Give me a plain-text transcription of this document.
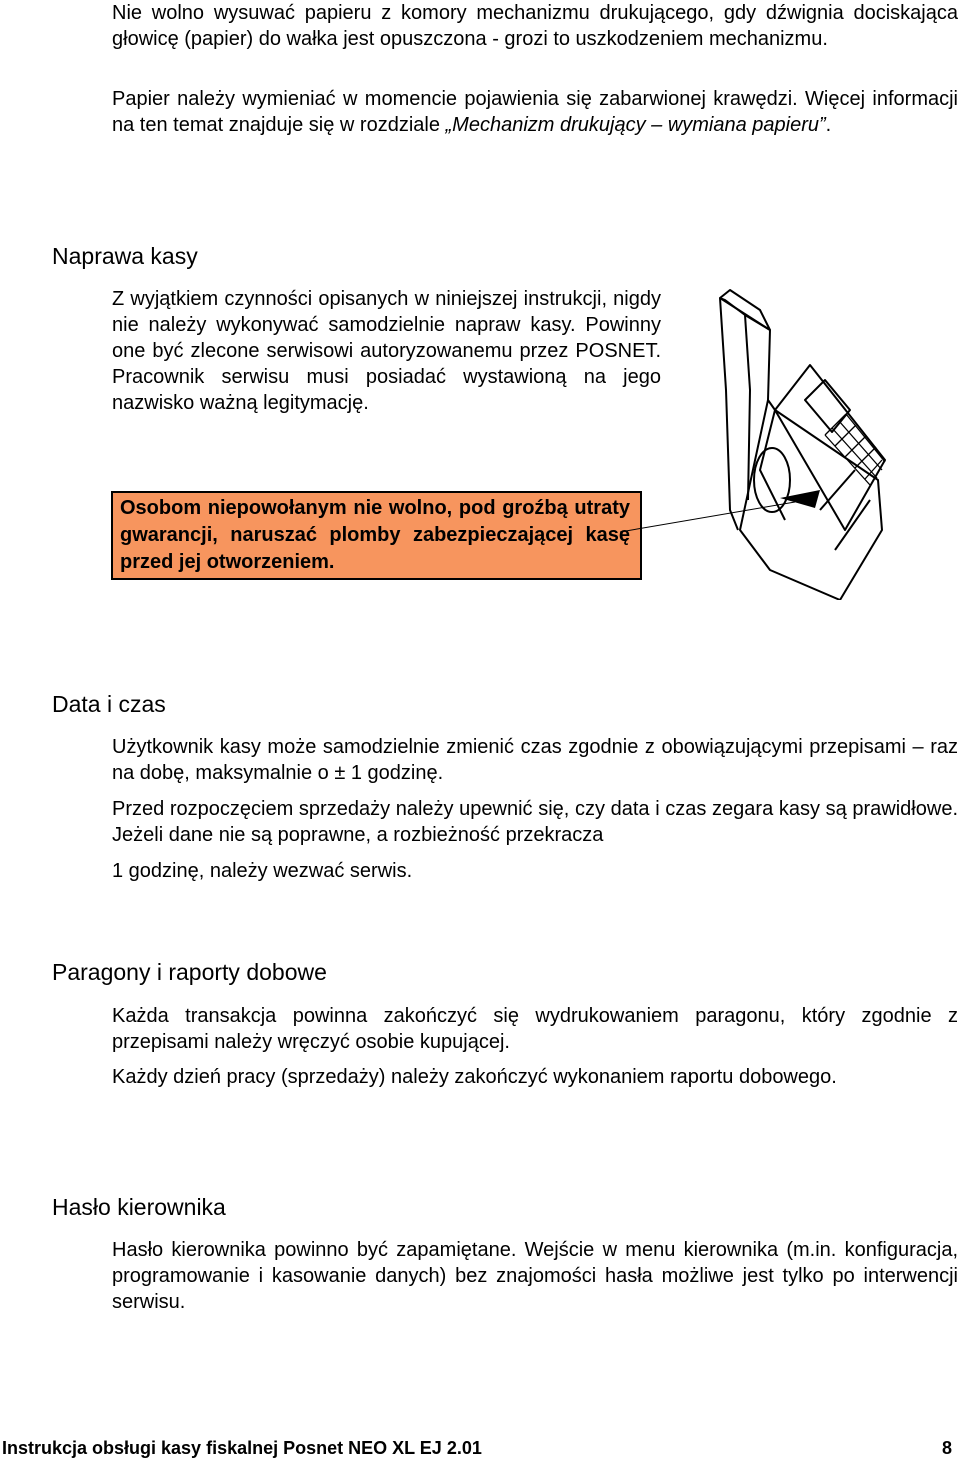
Nie wolno wysuwać papieru z komory mechanizmu drukującego, gdy dźwignia dociskająca głowicę (papier) do wałka jest opuszczona - grozi to uszkodzeniem mechanizmu.

Papier należy wymieniać w momencie pojawienia się zabarwionej krawędzi. Więcej informacji na ten temat znajduje się w rozdziale „Mechanizm drukujący – wymiana papieru”.

Naprawa kasy

Z wyjątkiem czynności opisanych w niniejszej instrukcji, nigdy nie należy wykonywać samodzielnie napraw kasy. Powinny one być zlecone serwisowi autoryzowanemu przez POSNET. Pracownik serwisu musi posiadać wystawioną na jego nazwisko ważną legitymację.

Osobom niepowołanym nie wolno, pod groźbą utraty gwarancji, naruszać plomby zabezpieczającej kasę przed jej otworzeniem.
Data i czas

Użytkownik kasy może samodzielnie zmienić czas zgodnie z obowiązującymi przepisami – raz na dobę, maksymalnie o ± 1 godzinę.

Przed rozpoczęciem sprzedaży należy upewnić się, czy data i czas zegara kasy są prawidłowe. Jeżeli dane nie są poprawne, a rozbieżność przekracza

1 godzinę, należy wezwać serwis.

Paragony i raporty dobowe

Każda transakcja powinna zakończyć się wydrukowaniem paragonu, który zgodnie z przepisami należy wręczyć osobie kupującej.

Każdy dzień pracy (sprzedaży) należy zakończyć wykonaniem raportu dobowego.

Hasło kierownika

Hasło kierownika powinno być zapamiętane. Wejście w menu kierownika (m.in. konfiguracja, programowanie i kasowanie danych) bez znajomości hasła możliwe jest tylko po interwencji serwisu.

Instrukcja obsługi kasy fiskalnej Posnet NEO XL EJ 2.01	8
